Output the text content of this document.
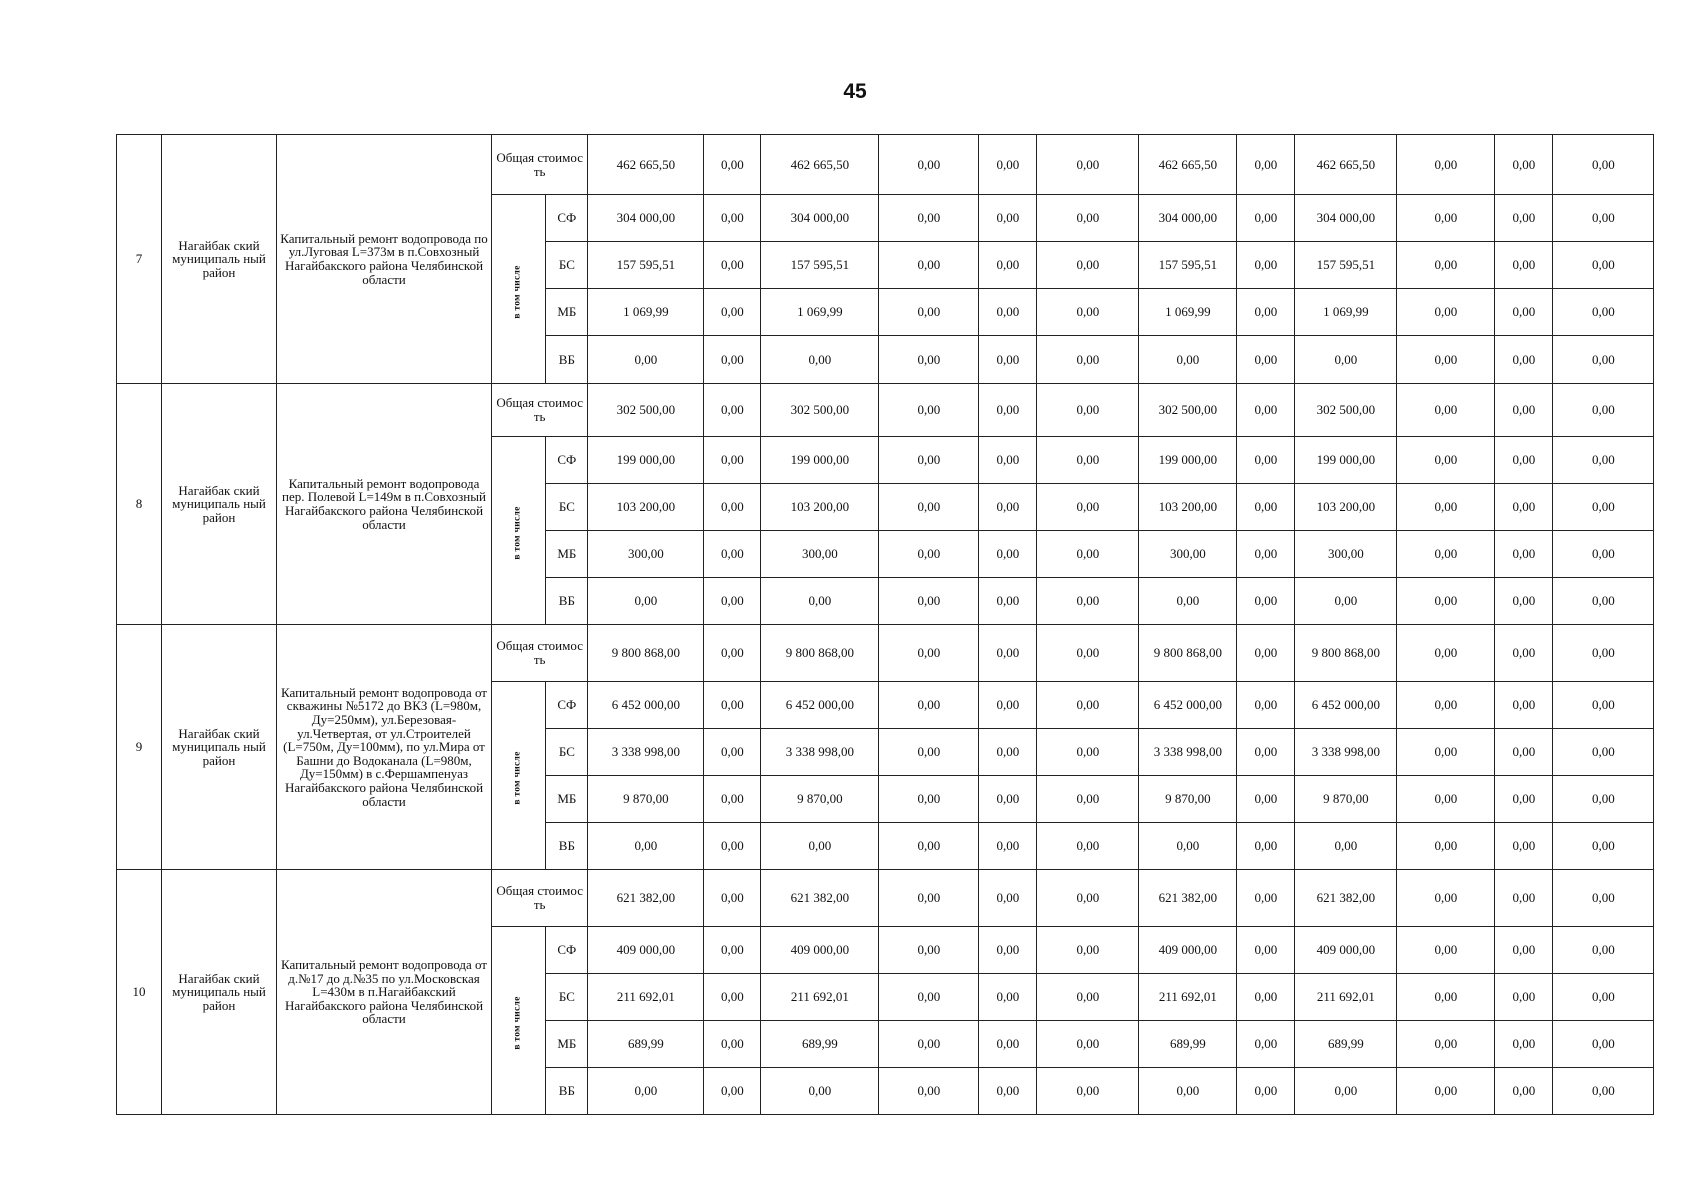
45
7	Нагайбак ский муниципаль ный район	Капитальный ремонт водопровода по ул.Луговая L=373м в п.Совхозный Нагайбакского района Челябинской области	Общая стоимос ть		462 665,50	0,00	462 665,50	0,00	0,00	0,00	462 665,50	0,00	462 665,50	0,00	0,00	0,00
			в том числе	СФ	304 000,00	0,00	304 000,00	0,00	0,00	0,00	304 000,00	0,00	304 000,00	0,00	0,00	0,00
				БС	157 595,51	0,00	157 595,51	0,00	0,00	0,00	157 595,51	0,00	157 595,51	0,00	0,00	0,00
				МБ	1 069,99	0,00	1 069,99	0,00	0,00	0,00	1 069,99	0,00	1 069,99	0,00	0,00	0,00
				ВБ	0,00	0,00	0,00	0,00	0,00	0,00	0,00	0,00	0,00	0,00	0,00	0,00
8	Нагайбак ский муниципаль ный район	Капитальный ремонт водопровода пер. Полевой L=149м в п.Совхозный Нагайбакского района Челябинской области	Общая стоимос ть		302 500,00	0,00	302 500,00	0,00	0,00	0,00	302 500,00	0,00	302 500,00	0,00	0,00	0,00
			в том числе	СФ	199 000,00	0,00	199 000,00	0,00	0,00	0,00	199 000,00	0,00	199 000,00	0,00	0,00	0,00
				БС	103 200,00	0,00	103 200,00	0,00	0,00	0,00	103 200,00	0,00	103 200,00	0,00	0,00	0,00
				МБ	300,00	0,00	300,00	0,00	0,00	0,00	300,00	0,00	300,00	0,00	0,00	0,00
				ВБ	0,00	0,00	0,00	0,00	0,00	0,00	0,00	0,00	0,00	0,00	0,00	0,00
9	Нагайбак ский муниципаль ный район	Капитальный ремонт водопровода от скважины №5172 до ВКЗ (L=980м, Ду=250мм), ул.Березовая-ул.Четвертая, от ул.Строителей (L=750м, Ду=100мм), по ул.Мира от Башни до Водоканала (L=980м, Ду=150мм) в с.Фершампенуаз Нагайбакского района Челябинской области	Общая стоимос ть		9 800 868,00	0,00	9 800 868,00	0,00	0,00	0,00	9 800 868,00	0,00	9 800 868,00	0,00	0,00	0,00
			в том числе	СФ	6 452 000,00	0,00	6 452 000,00	0,00	0,00	0,00	6 452 000,00	0,00	6 452 000,00	0,00	0,00	0,00
				БС	3 338 998,00	0,00	3 338 998,00	0,00	0,00	0,00	3 338 998,00	0,00	3 338 998,00	0,00	0,00	0,00
				МБ	9 870,00	0,00	9 870,00	0,00	0,00	0,00	9 870,00	0,00	9 870,00	0,00	0,00	0,00
				ВБ	0,00	0,00	0,00	0,00	0,00	0,00	0,00	0,00	0,00	0,00	0,00	0,00
10	Нагайбак ский муниципаль ный район	Капитальный ремонт водопровода от д.№17 до д.№35 по ул.Московская L=430м в п.Нагайбакский Нагайбакского района Челябинской области	Общая стоимос ть		621 382,00	0,00	621 382,00	0,00	0,00	0,00	621 382,00	0,00	621 382,00	0,00	0,00	0,00
			в том числе	СФ	409 000,00	0,00	409 000,00	0,00	0,00	0,00	409 000,00	0,00	409 000,00	0,00	0,00	0,00
				БС	211 692,01	0,00	211 692,01	0,00	0,00	0,00	211 692,01	0,00	211 692,01	0,00	0,00	0,00
				МБ	689,99	0,00	689,99	0,00	0,00	0,00	689,99	0,00	689,99	0,00	0,00	0,00
				ВБ	0,00	0,00	0,00	0,00	0,00	0,00	0,00	0,00	0,00	0,00	0,00	0,00
